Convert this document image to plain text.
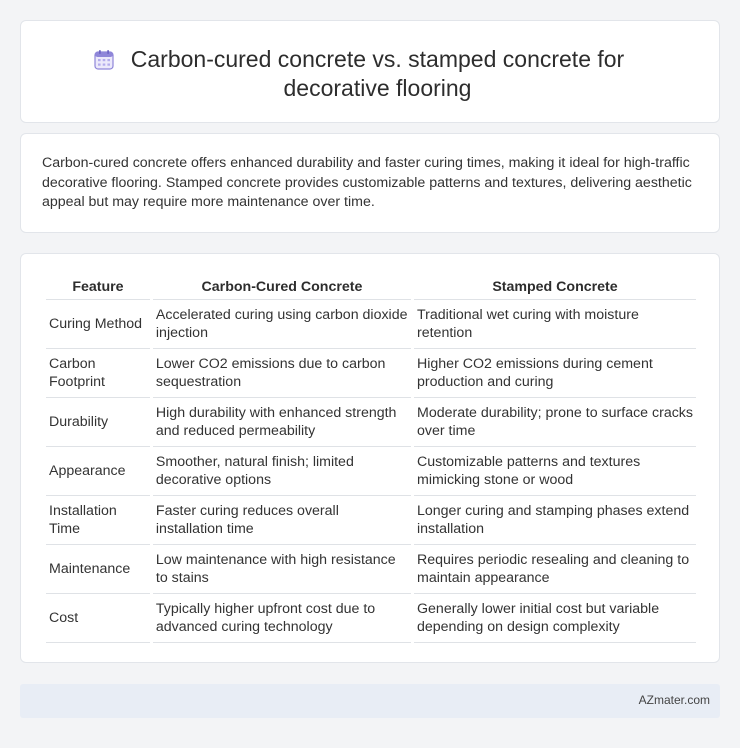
Carbon-cured concrete vs. stamped concrete for decorative flooring

Carbon-cured concrete offers enhanced durability and faster curing times, making it ideal for high-traffic decorative flooring. Stamped concrete provides customizable patterns and textures, delivering aesthetic appeal but may require more maintenance over time.

Feature	Carbon-Cured Concrete	Stamped Concrete
Curing Method	Accelerated curing using carbon dioxide injection	Traditional wet curing with moisture retention
Carbon Footprint	Lower CO2 emissions due to carbon sequestration	Higher CO2 emissions during cement production and curing
Durability	High durability with enhanced strength and reduced permeability	Moderate durability; prone to surface cracks over time
Appearance	Smoother, natural finish; limited decorative options	Customizable patterns and textures mimicking stone or wood
Installation Time	Faster curing reduces overall installation time	Longer curing and stamping phases extend installation
Maintenance	Low maintenance with high resistance to stains	Requires periodic resealing and cleaning to maintain appearance
Cost	Typically higher upfront cost due to advanced curing technology	Generally lower initial cost but variable depending on design complexity
AZmater.com
